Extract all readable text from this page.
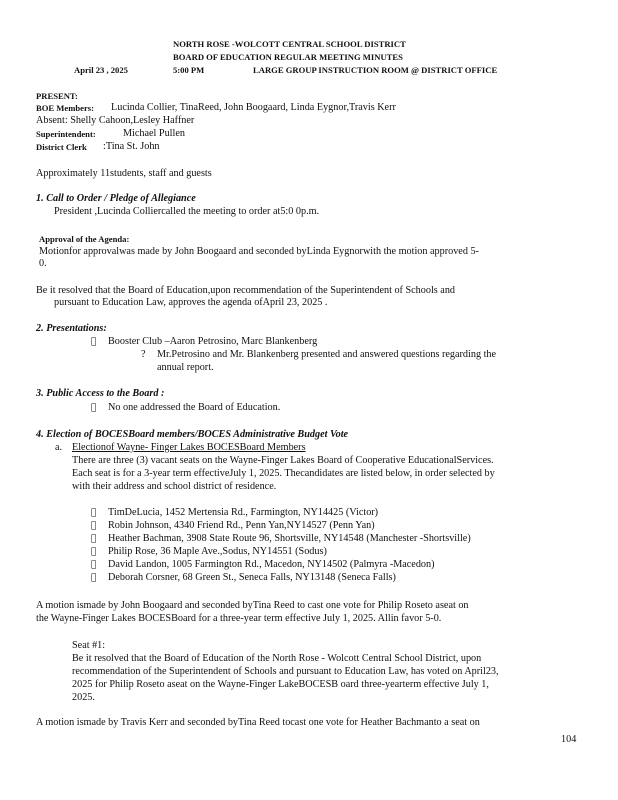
NORTH ROSE -WOLCOTT CENTRAL SCHOOL DISTRICT
BOARD OF EDUCATION REGULAR MEETING MINUTES
April 23 , 2025	5:00 PM	LARGE GROUP INSTRUCTION ROOM @ DISTRICT OFFICE
PRESENT:
BOE Members: Lucinda Collier, TinaReed, John Boogaard, Linda Eygnor,Travis Kerr
Absent: Shelly Cahoon,Lesley Haffner
Superintendent:	Michael Pullen
District Clerk :Tina St. John
Approximately 11students, staff and guests
1. Call to Order / Pledge of Allegiance
President ,Lucinda Colliercalled the meeting to order at5:0 0p.m.
Approval of the Agenda:
Motionfor approvalwas made by John Boogaard and seconded byLinda Eygnorwith the motion approved 5-
0.
Be it resolved that the Board of Education,upon recommendation of the Superintendent of Schools and
pursuant to Education Law, approves the agenda ofApril 23, 2025 .
2. Presentations:
Booster Club –Aaron Petrosino, Marc Blankenberg
? Mr.Petrosino and Mr. Blankenberg presented and answered questions regarding the
annual report.
3. Public Access to the Board :
No one addressed the Board of Education.
4. Election of BOCESBoard members/BOCES Administrative Budget Vote
a. Electionof Wayne- Finger Lakes BOCESBoard Members
There are three (3) vacant seats on the Wayne-Finger Lakes Board of Cooperative EducationalServices.
Each seat is for a 3-year term effectiveJuly 1, 2025. Thecandidates are listed below, in order selected by
with their address and school district of residence.
TimDeLucia, 1452 Mertensia Rd., Farmington, NY14425 (Victor)
Robin Johnson, 4340 Friend Rd., Penn Yan,NY14527 (Penn Yan)
Heather Bachman, 3908 State Route 96, Shortsville, NY14548 (Manchester -Shortsville)
Philip Rose, 36 Maple Ave.,Sodus, NY14551 (Sodus)
David Landon, 1005 Farmington Rd., Macedon, NY14502 (Palmyra -Macedon)
Deborah Corsner, 68 Green St., Seneca Falls, NY13148 (Seneca Falls)
A motion ismade by John Boogaard and seconded byTina Reed to cast one vote for Philip Roseto aseat on
the Wayne-Finger Lakes BOCESBoard for a three-year term effective July 1, 2025. Allin favor 5-0.
Seat #1:
Be it resolved that the Board of Education of the North Rose - Wolcott Central School District, upon
recommendation of the Superintendent of Schools and pursuant to Education Law, has voted on April23,
2025 for Philip Roseto aseat on the Wayne-Finger LakeBOCESB oard three-yearterm effective July 1,
2025.
A motion ismade by Travis Kerr and seconded byTina Reed tocast one vote for Heather Bachmanto a seat on
104
